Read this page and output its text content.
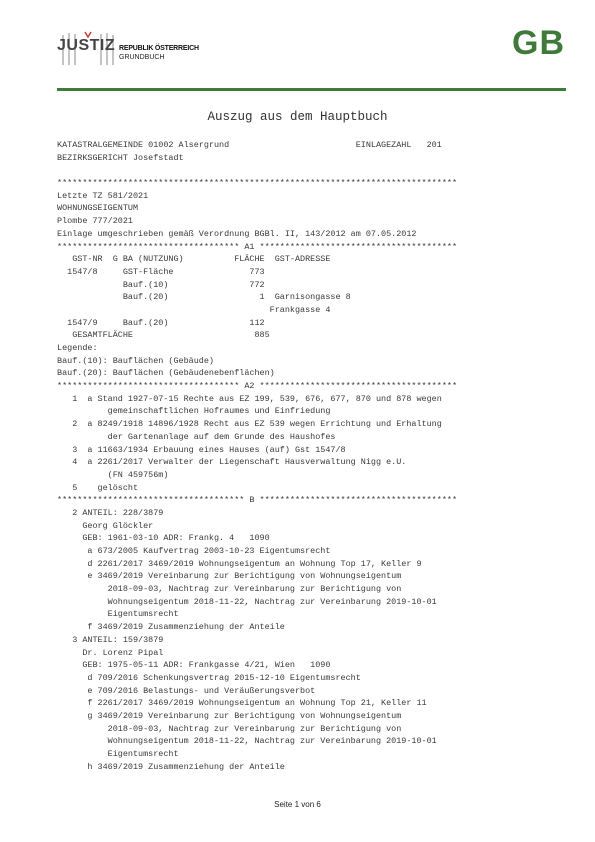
JUSTIZ REPUBLIK ÖSTERREICH
GRUNDBUCH	GB
Auszug aus dem Hauptbuch
KATASTRALGEMEINDE 01002 Alsergrund                         EINLAGEZAHL   201
BEZIRKSGERICHT Josefstadt

*******************************************************************************
Letzte TZ 581/2021
WOHNUNGSEIGENTUM
Plombe 777/2021
Einlage umgeschrieben gemäß Verordnung BGBl. II, 143/2012 am 07.05.2012
************************************ A1 ***************************************
GST-NR  G BA (NUTZUNG)          FLÄCHE  GST-ADRESSE
1547/8     GST-Fläche               773
Bauf.(10)                772
Bauf.(20)                  1  Garnisongasse 8
Frankgasse 4
1547/9     Bauf.(20)                112
GESAMTFLÄCHE                        885
Legende:
Bauf.(10): Bauflächen (Gebäude)
Bauf.(20): Bauflächen (Gebäudenebenflächen)
************************************ A2 ***************************************
1  a Stand 1927-07-15 Rechte aus EZ 199, 539, 676, 677, 870 und 878 wegen
gemeinschaftlichen Hofraumes und Einfriedung
2  a 8249/1918 14896/1928 Recht aus EZ 539 wegen Errichtung und Erhaltung
der Gartenanlage auf dem Grunde des Haushofes
3  a 11663/1934 Erbauung eines Hauses (auf) Gst 1547/8
4  a 2261/2017 Verwalter der Liegenschaft Hausverwaltung Nigg e.U.
(FN 459756m)
5    gelöscht
************************************* B ***************************************
2 ANTEIL: 228/3879
Georg Glöckler
GEB: 1961-03-10 ADR: Frankg. 4   1090
a 673/2005 Kaufvertrag 2003-10-23 Eigentumsrecht
d 2261/2017 3469/2019 Wohnungseigentum an Wohnung Top 17, Keller 9
e 3469/2019 Vereinbarung zur Berichtigung von Wohnungseigentum
2018-09-03, Nachtrag zur Vereinbarung zur Berichtigung von
Wohnungseigentum 2018-11-22, Nachtrag zur Vereinbarung 2019-10-01
Eigentumsrecht
f 3469/2019 Zusammenziehung der Anteile
3 ANTEIL: 159/3879
Dr. Lorenz Pipal
GEB: 1975-05-11 ADR: Frankgasse 4/21, Wien   1090
d 709/2016 Schenkungsvertrag 2015-12-10 Eigentumsrecht
e 709/2016 Belastungs- und Veräußerungsverbot
f 2261/2017 3469/2019 Wohnungseigentum an Wohnung Top 21, Keller 11
g 3469/2019 Vereinbarung zur Berichtigung von Wohnungseigentum
2018-09-03, Nachtrag zur Vereinbarung zur Berichtigung von
Wohnungseigentum 2018-11-22, Nachtrag zur Vereinbarung 2019-10-01
Eigentumsrecht
h 3469/2019 Zusammenziehung der Anteile
Seite 1 von 6
